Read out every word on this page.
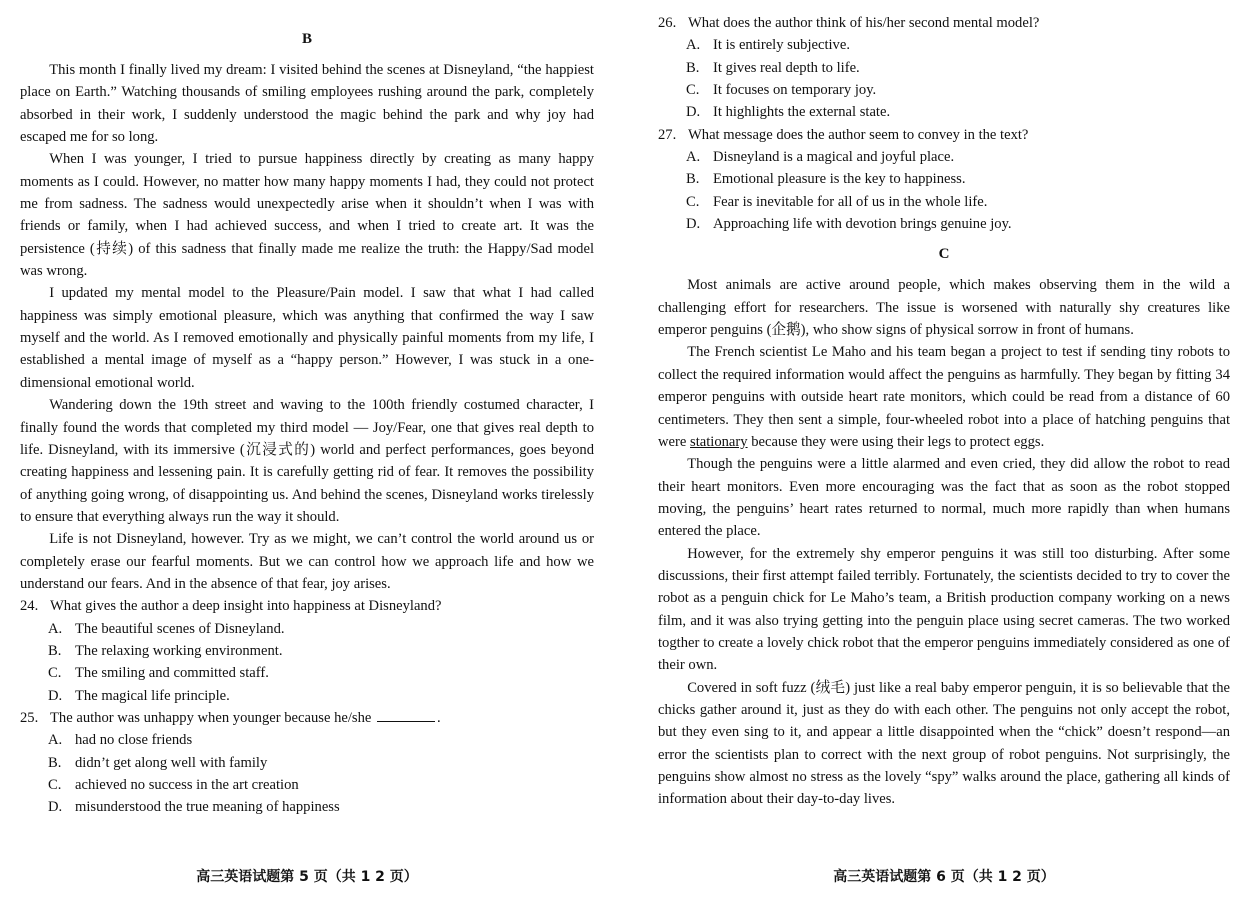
B

This month I finally lived my dream: I visited behind the scenes at Disneyland, “the happiest place on Earth.” Watching thousands of smiling employees rushing around the park, completely absorbed in their work, I suddenly understood the magic behind the park and why joy had escaped me for so long.

When I was younger, I tried to pursue happiness directly by creating as many happy moments as I could. However, no matter how many happy moments I had, they could not protect me from sadness. The sadness would unexpectedly arise when it shouldn’t when I was with friends or family, when I had achieved success, and when I tried to create art. It was the persistence (持续) of this sadness that finally made me realize the truth: the Happy/Sad model was wrong.

I updated my mental model to the Pleasure/Pain model. I saw that what I had called happiness was simply emotional pleasure, which was anything that confirmed the way I saw myself and the world. As I removed emotionally and physically painful moments from my life, I established a mental image of myself as a “happy person.” However, I was stuck in a one-dimensional emotional world.

Wandering down the 19th street and waving to the 100th friendly costumed character, I finally found the words that completed my third model — Joy/Fear, one that gives real depth to life. Disneyland, with its immersive (沉浸式的) world and perfect performances, goes beyond creating happiness and lessening pain. It is carefully getting rid of fear. It removes the possibility of anything going wrong, of disappointing us. And behind the scenes, Disneyland works tirelessly to ensure that everything always run the way it should.

Life is not Disneyland, however. Try as we might, we can’t control the world around us or completely erase our fearful moments. But we can control how we approach life and how we understand our fears. And in the absence of that fear, joy arises.

24. What gives the author a deep insight into happiness at Disneyland?
A. The beautiful scenes of Disneyland.
B. The relaxing working environment.
C. The smiling and committed staff.
D. The magical life principle.
25. The author was unhappy when younger because he/she	.
A. had no close friends
B. didn’t get along well with family
C. achieved no success in the art creation
D. misunderstood the true meaning of happiness
高三英语试题第 5 页（共 1 2 页）
26. What does the author think of his/her second mental model?
A. It is entirely subjective.
B. It gives real depth to life.
C. It focuses on temporary joy.
D. It highlights the external state.
27. What message does the author seem to convey in the text?
A. Disneyland is a magical and joyful place.
B. Emotional pleasure is the key to happiness.
C. Fear is inevitable for all of us in the whole life.
D. Approaching life with devotion brings genuine joy.
C

Most animals are active around people, which makes observing them in the wild a challenging effort for researchers. The issue is worsened with naturally shy creatures like emperor penguins (企鹅), who show signs of physical sorrow in front of humans.

The French scientist Le Maho and his team began a project to test if sending tiny robots to collect the required information would affect the penguins as harmfully. They began by fitting 34 emperor penguins with outside heart rate monitors, which could be read from a distance of 60 centimeters. They then sent a simple, four-wheeled robot into a place of hatching penguins that were stationary because they were using their legs to protect eggs.

Though the penguins were a little alarmed and even cried, they did allow the robot to read their heart monitors. Even more encouraging was the fact that as soon as the robot stopped moving, the penguins’ heart rates returned to normal, much more rapidly than when humans entered the place.

However, for the extremely shy emperor penguins it was still too disturbing. After some discussions, their first attempt failed terribly. Fortunately, the scientists decided to try to cover the robot as a penguin chick for Le Maho’s team, a British production company working on a news film, and it was also trying getting into the penguin place using secret cameras. The two worked togther to create a lovely chick robot that the emperor penguins immediately considered as one of their own.

Covered in soft fuzz (绒毛) just like a real baby emperor penguin, it is so believable that the chicks gather around it, just as they do with each other. The penguins not only accept the robot, but they even sing to it, and appear a little disappointed when the “chick” doesn’t respond—an error the scientists plan to correct with the next group of robot penguins. Not surprisingly, the penguins show almost no stress as the lovely “spy” walks around the place, gathering all kinds of information about their day-to-day lives.

高三英语试题第 6 页（共 1 2 页）
